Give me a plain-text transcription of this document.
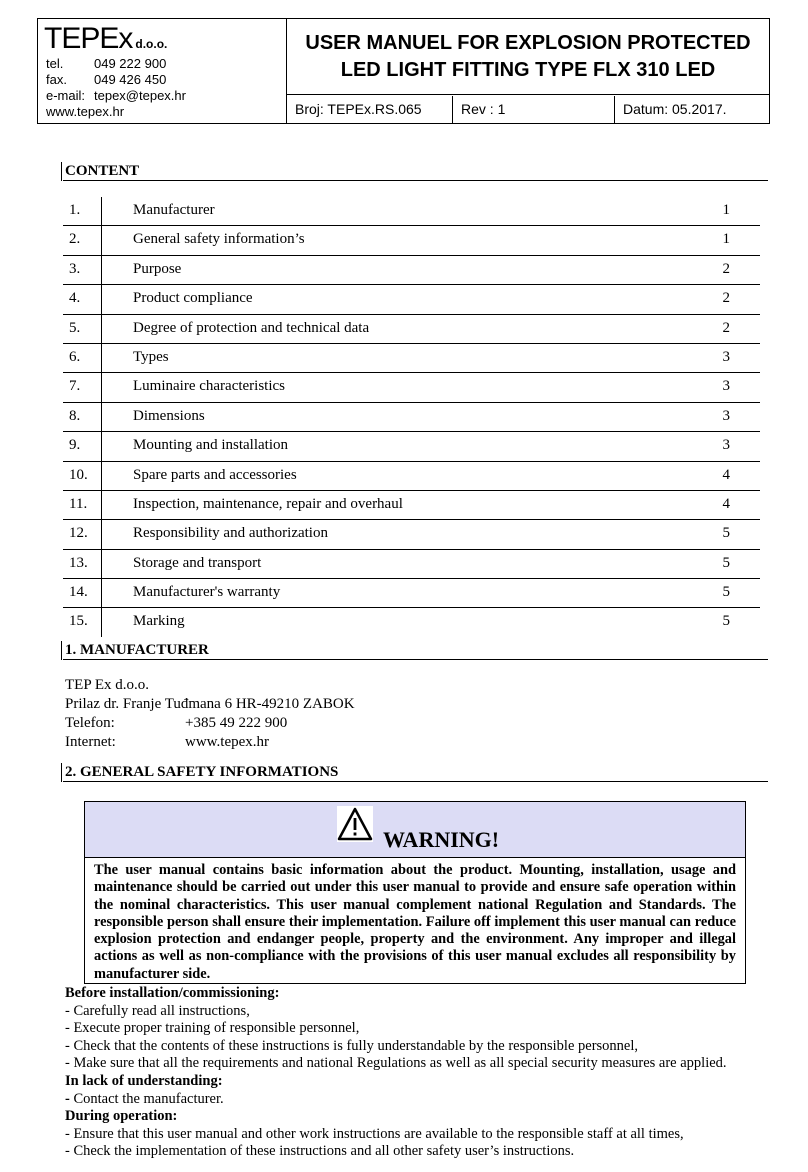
TEPEx d.o.o.
tel. 049 222 900
fax. 049 426 450
e-mail: tepex@tepex.hr
www.tepex.hr
USER MANUEL FOR EXPLOSION PROTECTED
LED LIGHT FITTING TYPE FLX 310 LED
Broj: TEPEx.RS.065	Rev : 1	Datum: 05.2017.
CONTENT
1.	Manufacturer	1
2.	General safety information’s	1
3.	Purpose	2
4.	Product compliance	2
5.	Degree of protection and technical data	2
6.	Types	3
7.	Luminaire characteristics	3
8.	Dimensions	3
9.	Mounting and installation	3
10.	Spare parts and accessories	4
11.	Inspection, maintenance, repair and overhaul	4
12.	Responsibility and authorization	5
13.	Storage and transport	5
14.	Manufacturer's warranty	5
15.	Marking	5
1. MANUFACTURER
TEP Ex d.o.o.
Prilaz dr. Franje Tuđmana 6 HR-49210 ZABOK
Telefon:	+385 49 222 900
Internet:	www.tepex.hr
2. GENERAL SAFETY INFORMATIONS
WARNING!
The user manual contains basic information about the product. Mounting, installation, usage and maintenance should be carried out under this user manual to provide and ensure safe operation within the nominal characteristics. This user manual complement national Regulation and Standards. The responsible person shall ensure their implementation. Failure off implement this user manual can reduce explosion protection and endanger people, property and the environment. Any improper and illegal actions as well as non-compliance with the provisions of this user manual excludes all responsibility by manufacturer side.
Before installation/commissioning:
- Carefully read all instructions,
- Execute proper training of responsible personnel,
- Check that the contents of these instructions is fully understandable by the responsible personnel,
- Make sure that all the requirements and national Regulations as well as all special security measures are applied.
In lack of understanding:
- Contact the manufacturer.
During operation:
- Ensure that this user manual and other work instructions are available to the responsible staff at all times,
- Check the implementation of these instructions and all other safety user’s instructions.
